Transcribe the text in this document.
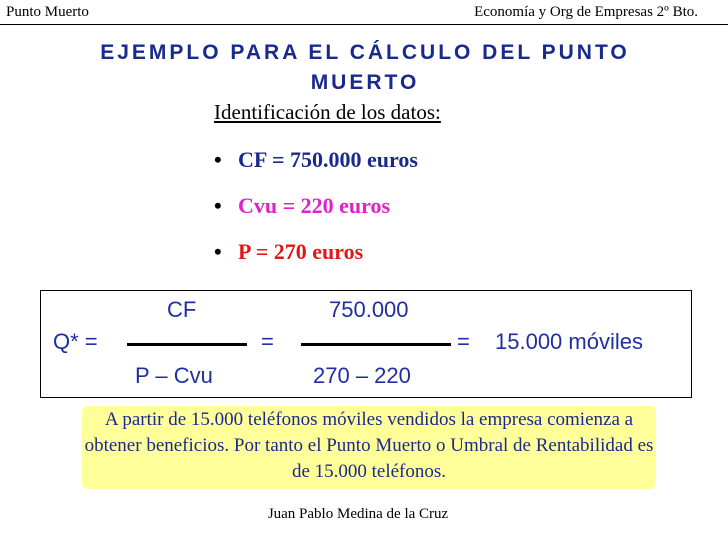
Punto Muerto	Economía y Org de Empresas 2º Bto.
EJEMPLO PARA EL CÁLCULO DEL PUNTO MUERTO
Identificación de los datos:
• CF = 750.000 euros
• Cvu = 220 euros
• P = 270 euros
Q* =
CF
P – Cvu
=
750.000
270 – 220
= 15.000 móviles
A partir de 15.000 teléfonos móviles vendidos la empresa comienza a obtener beneficios. Por tanto el Punto Muerto o Umbral de Rentabilidad es de 15.000 teléfonos.
Juan Pablo Medina de la Cruz
